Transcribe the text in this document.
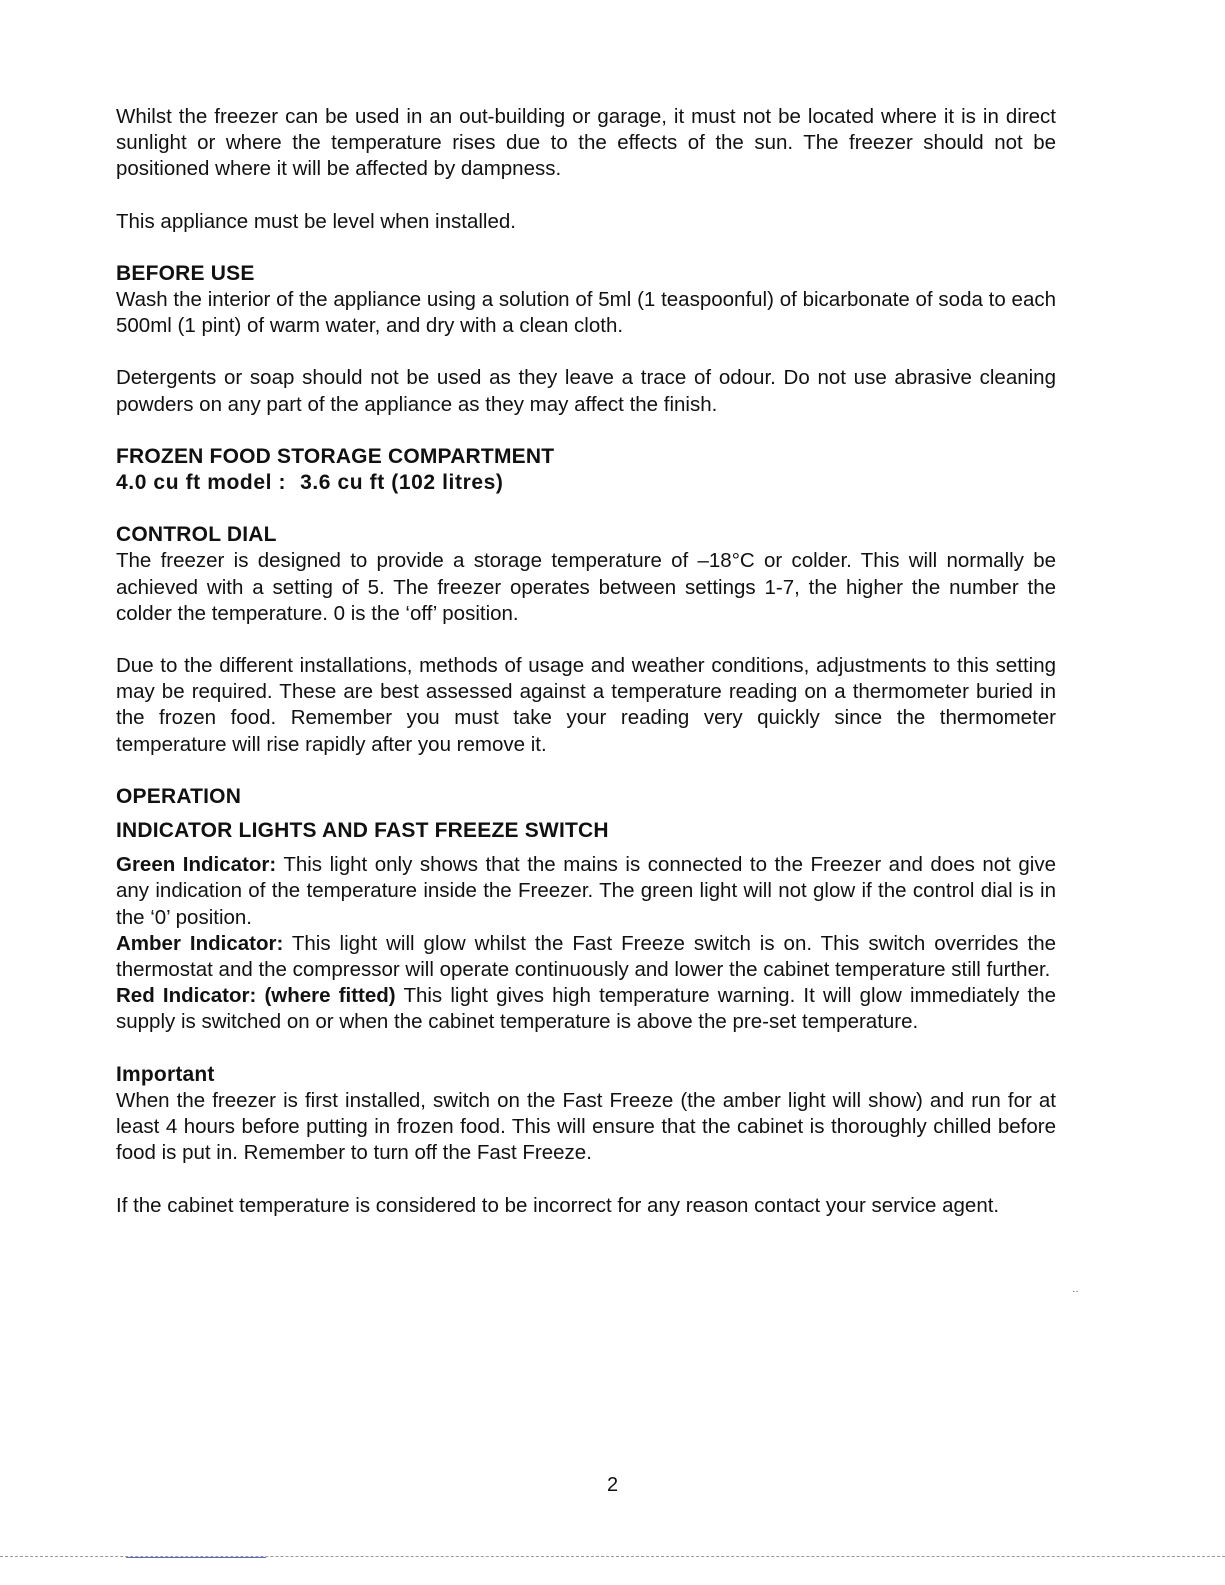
Whilst the freezer can be used in an out-building or garage, it must not be located where it is in direct sunlight or where the temperature rises due to the effects of the sun. The freezer should not be positioned where it will be affected by dampness.

This appliance must be level when installed.

BEFORE USE

Wash the interior of the appliance using a solution of 5ml (1 teaspoonful) of bicarbonate of soda to each 500ml (1 pint) of warm water, and dry with a clean cloth.

Detergents or soap should not be used as they leave a trace of odour. Do not use abrasive cleaning powders on any part of the appliance as they may affect the finish.

FROZEN FOOD STORAGE COMPARTMENT

4.0 cu ft model : 3.6 cu ft (102 litres)

CONTROL DIAL

The freezer is designed to provide a storage temperature of –18°C or colder. This will normally be achieved with a setting of 5. The freezer operates between settings 1-7, the higher the number the colder the temperature. 0 is the ‘off’ position.

Due to the different installations, methods of usage and weather conditions, adjustments to this setting may be required. These are best assessed against a temperature reading on a thermometer buried in the frozen food. Remember you must take your reading very quickly since the thermometer temperature will rise rapidly after you remove it.

OPERATION

INDICATOR LIGHTS AND FAST FREEZE SWITCH

Green Indicator: This light only shows that the mains is connected to the Freezer and does not give any indication of the temperature inside the Freezer. The green light will not glow if the control dial is in the ‘0’ position.

Amber Indicator: This light will glow whilst the Fast Freeze switch is on. This switch overrides the thermostat and the compressor will operate continuously and lower the cabinet temperature still further.

Red Indicator: (where fitted) This light gives high temperature warning. It will glow immediately the supply is switched on or when the cabinet temperature is above the pre-set temperature.

Important

When the freezer is first installed, switch on the Fast Freeze (the amber light will show) and run for at least 4 hours before putting in frozen food. This will ensure that the cabinet is thoroughly chilled before food is put in. Remember to turn off the Fast Freeze.

If the cabinet temperature is considered to be incorrect for any reason contact your service agent.

··
2
